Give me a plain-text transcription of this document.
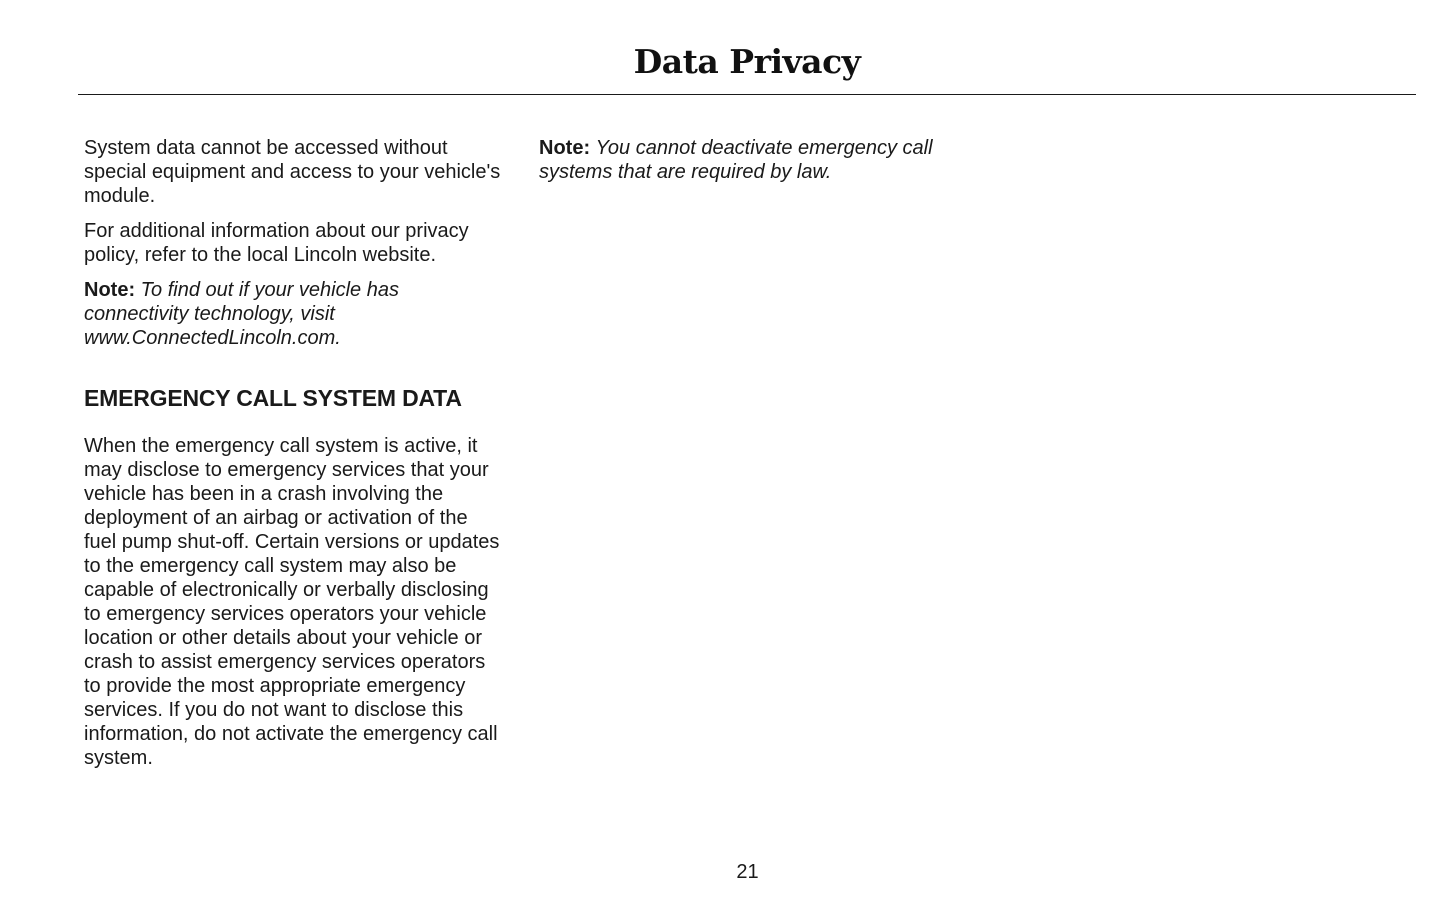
Data Privacy

System data cannot be accessed without special equipment and access to your vehicle's module.

For additional information about our privacy policy, refer to the local Lincoln website.

Note: To find out if your vehicle has connectivity technology, visit www.ConnectedLincoln.com.

EMERGENCY CALL SYSTEM DATA

When the emergency call system is active, it may disclose to emergency services that your vehicle has been in a crash involving the deployment of an airbag or activation of the fuel pump shut-off. Certain versions or updates to the emergency call system may also be capable of electronically or verbally disclosing to emergency services operators your vehicle location or other details about your vehicle or crash to assist emergency services operators to provide the most appropriate emergency services. If you do not want to disclose this information, do not activate the emergency call system.

Note: You cannot deactivate emergency call systems that are required by law.

21
